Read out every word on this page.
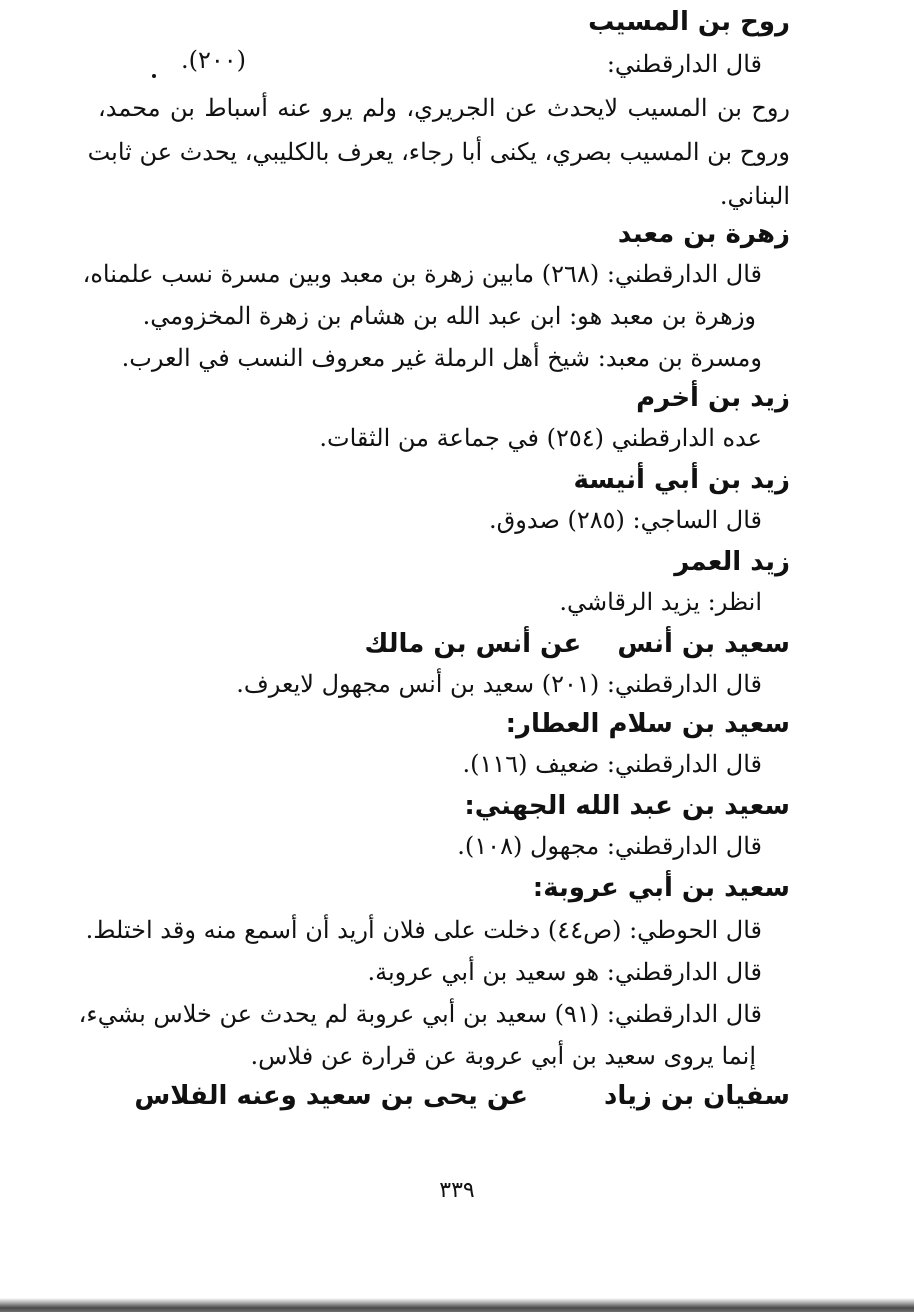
روح بن المسيب
قال الدارقطني:
(٢٠٠).
روح بن المسيب لايحدث عن الجريري، ولم يرو عنه أسباط بن محمد،
وروح بن المسيب بصري، يكنى أبا رجاء، يعرف بالكليبي، يحدث عن ثابت
البناني.
زهرة بن معبد
قال الدارقطني: (٢٦٨) مابين زهرة بن معبد وبين مسرة نسب علمناه،
وزهرة بن معبد هو: ابن عبد الله بن هشام بن زهرة المخزومي.
ومسرة بن معبد: شيخ أهل الرملة غير معروف النسب في العرب.
زيد بن أخرم
عده الدارقطني (٢٥٤) في جماعة من الثقات.
زيد بن أبي أنيسة
قال الساجي: (٢٨٥) صدوق.
زيد العمر
انظر: يزيد الرقاشي.
سعيد بن أنس    عن أنس بن مالك
قال الدارقطني: (٢٠١) سعيد بن أنس مجهول لايعرف.
سعيد بن سلام العطار:
قال الدارقطني: ضعيف (١١٦).
سعيد بن عبد الله الجهني:
قال الدارقطني: مجهول (١٠٨).
سعيد بن أبي عروبة:
قال الحوطي: (ص٤٤) دخلت على فلان أريد أن أسمع منه وقد اختلط.
قال الدارقطني: هو سعيد بن أبي عروبة.
قال الدارقطني: (٩١) سعيد بن أبي عروبة لم يحدث عن خلاس بشيء،
إنما يروى سعيد بن أبي عروبة عن قرارة عن فلاس.
سفيان بن زياد
عن يحى بن سعيد وعنه الفلاس
٣٣٩
